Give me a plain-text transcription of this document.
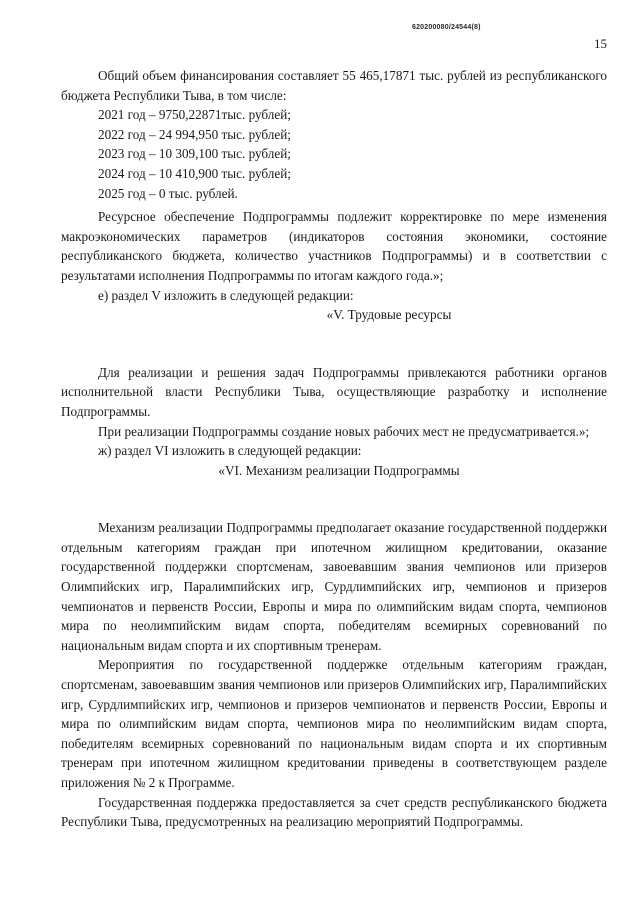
620200080/24544(8)
15

Общий объем финансирования составляет 55 465,17871 тыс. рублей из республиканского бюджета Республики Тыва, в том числе:

2021 год – 9750,22871тыс. рублей;

2022 год – 24 994,950 тыс. рублей;

2023 год – 10 309,100 тыс. рублей;

2024 год – 10 410,900 тыс. рублей;

2025 год – 0 тыс. рублей.

Ресурсное обеспечение Подпрограммы подлежит корректировке по мере изменения макроэкономических параметров (индикаторов состояния экономики, состояние республиканского бюджета, количество участников Подпрограммы) и в соответствии с результатами исполнения Подпрограммы по итогам каждого года.»;

е) раздел V изложить в следующей редакции:

«V. Трудовые ресурсы

Для реализации и решения задач Подпрограммы привлекаются работники органов исполнительной власти Республики Тыва, осуществляющие разработку и исполнение Подпрограммы.

При реализации Подпрограммы создание новых рабочих мест не предусматривается.»;

ж) раздел VI изложить в следующей редакции:

«VI. Механизм реализации Подпрограммы

Механизм реализации Подпрограммы предполагает оказание государственной поддержки отдельным категориям граждан при ипотечном жилищном кредитовании, оказание государственной поддержки спортсменам, завоевавшим звания чемпионов или призеров Олимпийских игр, Паралимпийских игр, Сурдлимпийских игр, чемпионов и призеров чемпионатов и первенств России, Европы и мира по олимпийским видам спорта, чемпионов мира по неолимпийским видам спорта, победителям всемирных соревнований по национальным видам спорта и их спортивным тренерам.

Мероприятия по государственной поддержке отдельным категориям граждан, спортсменам, завоевавшим звания чемпионов или призеров Олимпийских игр, Паралимпийских игр, Сурдлимпийских игр, чемпионов и призеров чемпионатов и первенств России, Европы и мира по олимпийским видам спорта, чемпионов мира по неолимпийским видам спорта, победителям всемирных соревнований по национальным видам спорта и их спортивным тренерам при ипотечном жилищном кредитовании приведены в соответствующем разделе приложения № 2 к Программе.

Государственная поддержка предоставляется за счет средств республиканского бюджета Республики Тыва, предусмотренных на реализацию мероприятий Подпрограммы.
